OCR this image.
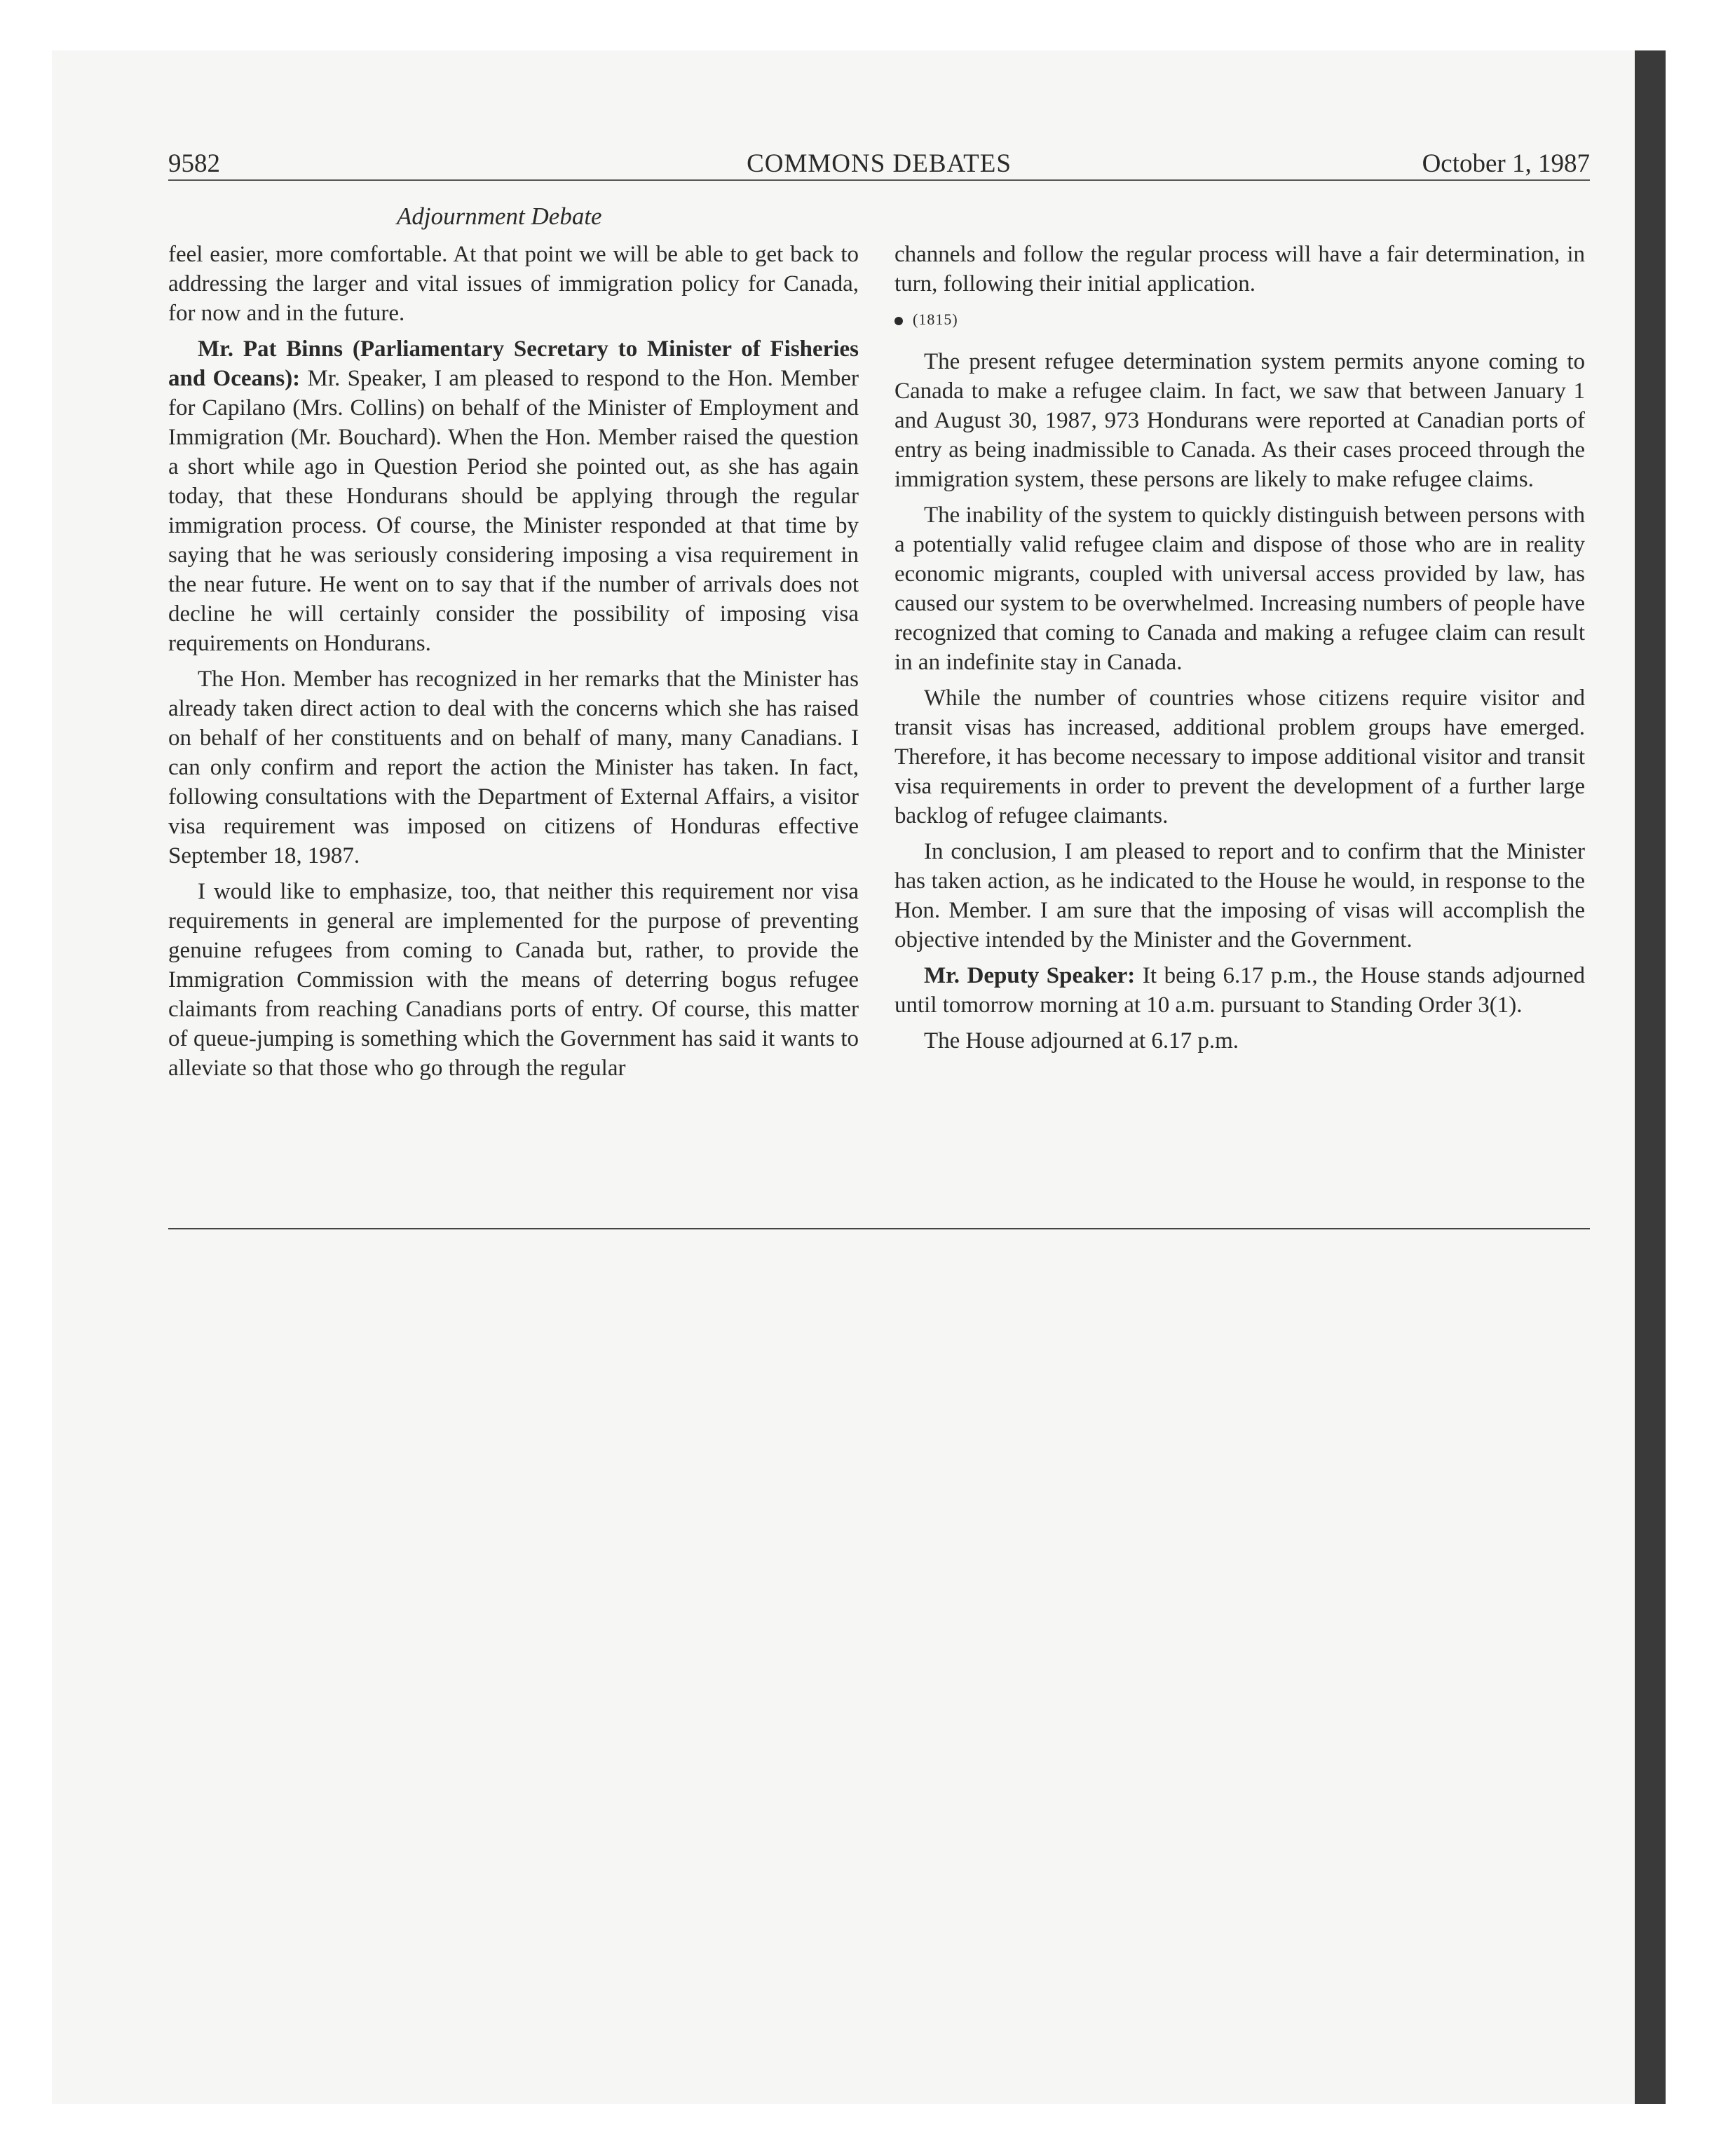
9582	COMMONS DEBATES	October 1, 1987
Adjournment Debate

feel easier, more comfortable. At that point we will be able to get back to addressing the larger and vital issues of immigration policy for Canada, for now and in the future.

Mr. Pat Binns (Parliamentary Secretary to Minister of Fisheries and Oceans): Mr. Speaker, I am pleased to respond to the Hon. Member for Capilano (Mrs. Collins) on behalf of the Minister of Employment and Immigration (Mr. Bouchard). When the Hon. Member raised the question a short while ago in Question Period she pointed out, as she has again today, that these Hondurans should be applying through the regular immigration process. Of course, the Minister responded at that time by saying that he was seriously considering imposing a visa requirement in the near future. He went on to say that if the number of arrivals does not decline he will certainly consider the possibility of imposing visa requirements on Hondurans.

The Hon. Member has recognized in her remarks that the Minister has already taken direct action to deal with the concerns which she has raised on behalf of her constituents and on behalf of many, many Canadians. I can only confirm and report the action the Minister has taken. In fact, following consultations with the Department of External Affairs, a visitor visa requirement was imposed on citizens of Honduras effective September 18, 1987.

I would like to emphasize, too, that neither this requirement nor visa requirements in general are implemented for the purpose of preventing genuine refugees from coming to Canada but, rather, to provide the Immigration Commission with the means of deterring bogus refugee claimants from reaching Canadians ports of entry. Of course, this matter of queue-jumping is something which the Government has said it wants to alleviate so that those who go through the regular

channels and follow the regular process will have a fair determination, in turn, following their initial application.

(1815)

The present refugee determination system permits anyone coming to Canada to make a refugee claim. In fact, we saw that between January 1 and August 30, 1987, 973 Hondurans were reported at Canadian ports of entry as being inadmissible to Canada. As their cases proceed through the immigration system, these persons are likely to make refugee claims.

The inability of the system to quickly distinguish between persons with a potentially valid refugee claim and dispose of those who are in reality economic migrants, coupled with universal access provided by law, has caused our system to be overwhelmed. Increasing numbers of people have recognized that coming to Canada and making a refugee claim can result in an indefinite stay in Canada.

While the number of countries whose citizens require visitor and transit visas has increased, additional problem groups have emerged. Therefore, it has become necessary to impose additional visitor and transit visa requirements in order to prevent the development of a further large backlog of refugee claimants.

In conclusion, I am pleased to report and to confirm that the Minister has taken action, as he indicated to the House he would, in response to the Hon. Member. I am sure that the imposing of visas will accomplish the objective intended by the Minister and the Government.

Mr. Deputy Speaker: It being 6.17 p.m., the House stands adjourned until tomorrow morning at 10 a.m. pursuant to Standing Order 3(1).

The House adjourned at 6.17 p.m.
